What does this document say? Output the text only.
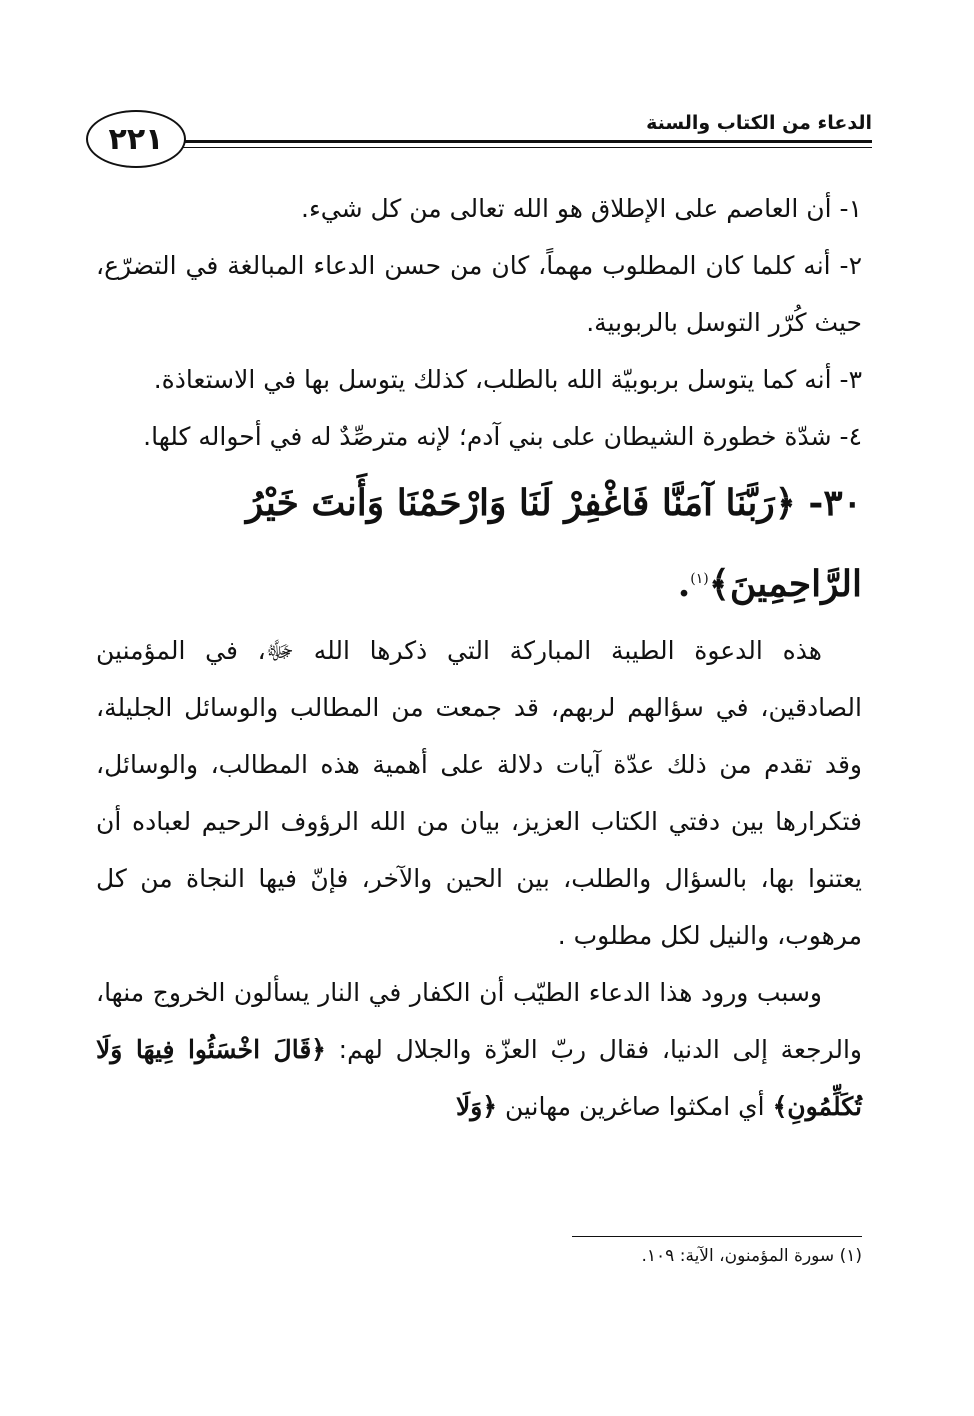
الدعاء من الكتاب والسنة
٢٢١

١- أن العاصم على الإطلاق هو الله تعالى من كل شيء.

٢- أنه كلما كان المطلوب مهماً، كان من حسن الدعاء المبالغة في التضرّع، حيث كُرّر التوسل بالربوبية.

٣- أنه كما يتوسل بربوبيّة الله بالطلب، كذلك يتوسل بها في الاستعاذة.

٤- شدّة خطورة الشيطان على بني آدم؛ لإنه مترصِّدٌ له في أحواله كلها.

٣٠- ﴿رَبَّنَا آمَنَّا فَاغْفِرْ لَنَا وَارْحَمْنَا وَأَنتَ خَيْرُ الرَّاحِمِينَ﴾$^{(١)}$.

هذه الدعوة الطيبة المباركة التي ذكرها الله ﷻ، في المؤمنين الصادقين، في سؤالهم لربهم، قد جمعت من المطالب والوسائل الجليلة، وقد تقدم من ذلك عدّة آيات دلالة على أهمية هذه المطالب، والوسائل، فتكرارها بين دفتي الكتاب العزيز، بيان من الله الرؤوف الرحيم لعباده أن يعتنوا بها، بالسؤال والطلب، بين الحين والآخر، فإنّ فيها النجاة من كل مرهوب، والنيل لكل مطلوب .

وسبب ورود هذا الدعاء الطيّب أن الكفار في النار يسألون الخروج منها، والرجعة إلى الدنيا، فقال ربّ العزّة والجلال لهم: ﴿قَالَ اخْسَئُوا فِيهَا وَلَا تُكَلِّمُونِ﴾ أي امكثوا صاغرين مهانين ﴿وَلَا

(١) سورة المؤمنون، الآية: ١٠٩.
